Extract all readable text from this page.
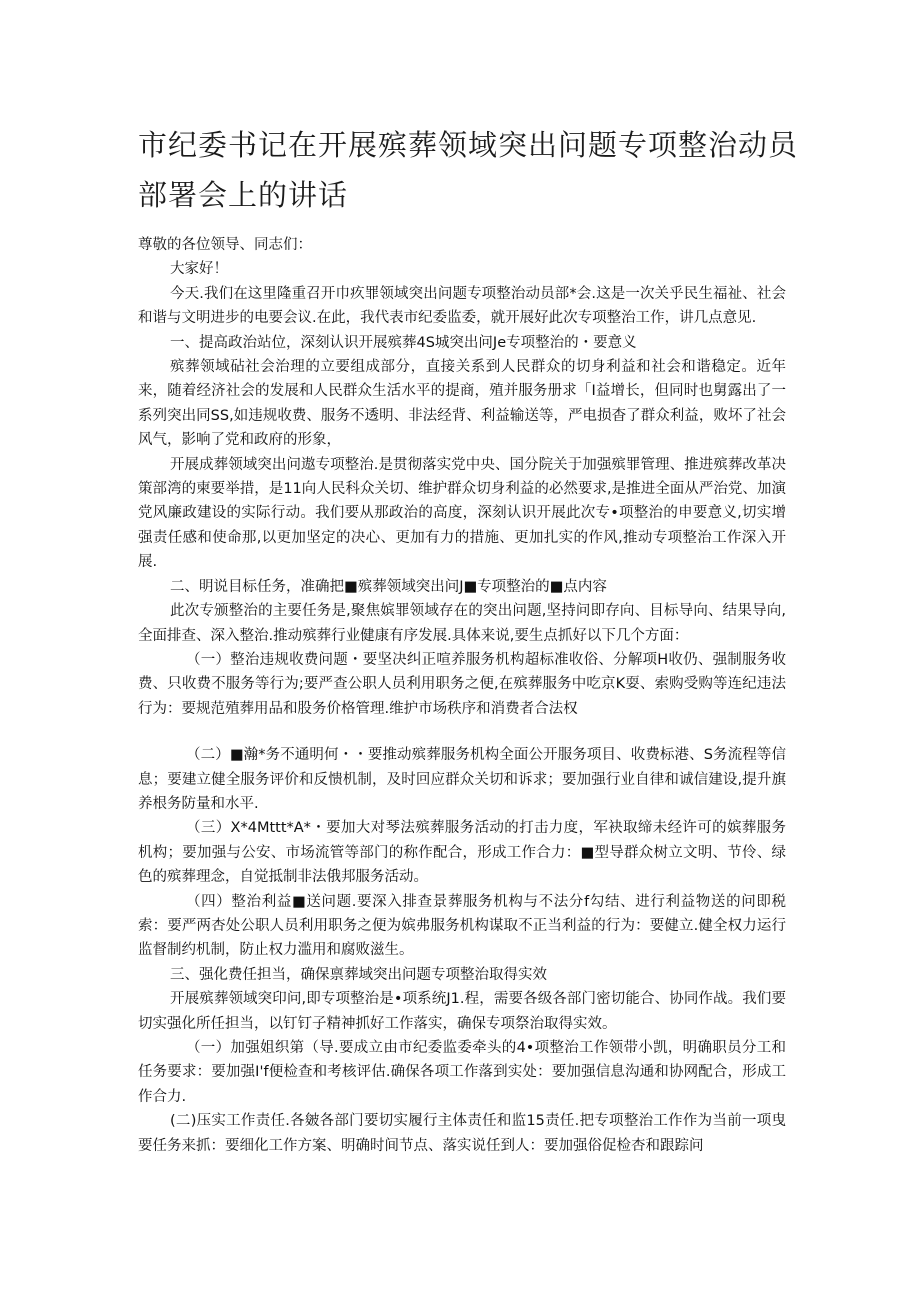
市纪委书记在开展殡葬领域突出问题专项整治动员
部署会上的讲话

尊敬的各位领导、同志们：

大家好！

今天.我们在这里隆重召开巾疚罪领域突出问题专项整治动员部*会.这是一次关乎民生福祉、社会和谐与文明进步的电要会议.在此，我代表市纪委监委，就开展好此次专项整治工作，讲几点意见.

一、提高政治站位，深刻认识开展殡葬4S城突出问Je专项整治的・要意义

殡葬领域砧社会治理的立要组成部分，直接关系到人民群众的切身利益和社会和谐稳定。近年来，随着经济社会的发展和人民群众生活水平的提商，殖并服务册求「I益增长，但同时也舅露出了一系列突出同SS,如违规收费、服务不透明、非法经背、利益输送等，严电损杳了群众利益，败坏了社会风气，影响了党和政府的形象，

开展成葬领域突出问遨专项整治.是贯彻落实党中央、国分院关于加强殡罪管理、推进殡葬改革决策部湾的柬要举措，是11向人民科众关切、维护群众切身利益的必然要求,是推进全面从严治党、加演党风廉政建设的实际行动。我们要从那政治的高度，深刻认识开展此次专•项整治的申要意义,切实增强责任感和使命那,以更加坚定的决心、更加有力的措施、更加扎实的作风,推动专项整治工作深入开展.

二、明说目标任务，准确把■殡葬领域突出问J■专项整治的■点内容

此次专颁整治的主要任务是,聚焦嫔罪领域存在的突出问题,坚持问即存向、目标导向、结果导向,全面排查、深入整治.推动殡葬行业健康有序发展.具体来说,要生点抓好以下几个方面：

（一）整治违规收费问题・要坚决纠正喧养服务机构超标准收俗、分解项H收仍、强制服务收费、只收费不服务等行为;要严查公职人员利用职务之便,在殡葬服务中吃京K耍、索购受购等连纪违法行为：要规范殖葬用品和股务价格管理.维护市场秩序和消费者合法权

（二）■瀚*务不通明何・・要推动殡葬服务机构全面公开服务项目、收费标港、S务流程等信息；要建立健全服务评价和反愦机制，及时回应群众关切和诉求；要加强行业自律和诚信建设,提升旗养根务防量和水平.

（三）X*4Mttt*A*・要加大对琴法殡葬服务活动的打击力度，军袂取缔未经许可的嫔葬服务机构；要加强与公安、市场流管等部门的称作配合，形成工作合力：■型导群众树立文明、节伶、绿色的殡葬理念，自觉抵制非法俄邦服务活动。

（四）整治利益■送问题.要深入排查景葬服务机构与不法分f勾结、进行利益物送的问即税索：要严两杏处公职人员利用职务之便为嫔弗服务机构谋取不正当利益的行为：要健立.健全权力运行监督制约机制，防止权力滥用和腐败滋生。

三、强化费任担当，确保禀葬域突出问题专项整治取得实效

开展殡葬领域突印问,即专项整治是•项系统J1.程，需要各级各部门密切能合、协同作战。我们要切实强化所任担当，以钉钉子精神抓好工作落实，确保专项祭治取得实效。

（一）加强姐织第（导.要成立由市纪委监委牵头的4•项整治工作领带小凯，明确职员分工和任务要求：要加强I'f便检查和考核评估.确保各项工作落到实处：要加强信息沟通和协网配合，形成工作合力.

(二)压实工作责任.各皴各部门要切实履行主体责任和监15责任.把专项整治工作作为当前一项曳要任务来抓：要细化工作方案、明确时间节点、落实说任到人：要加强俗促检杏和跟踪问
